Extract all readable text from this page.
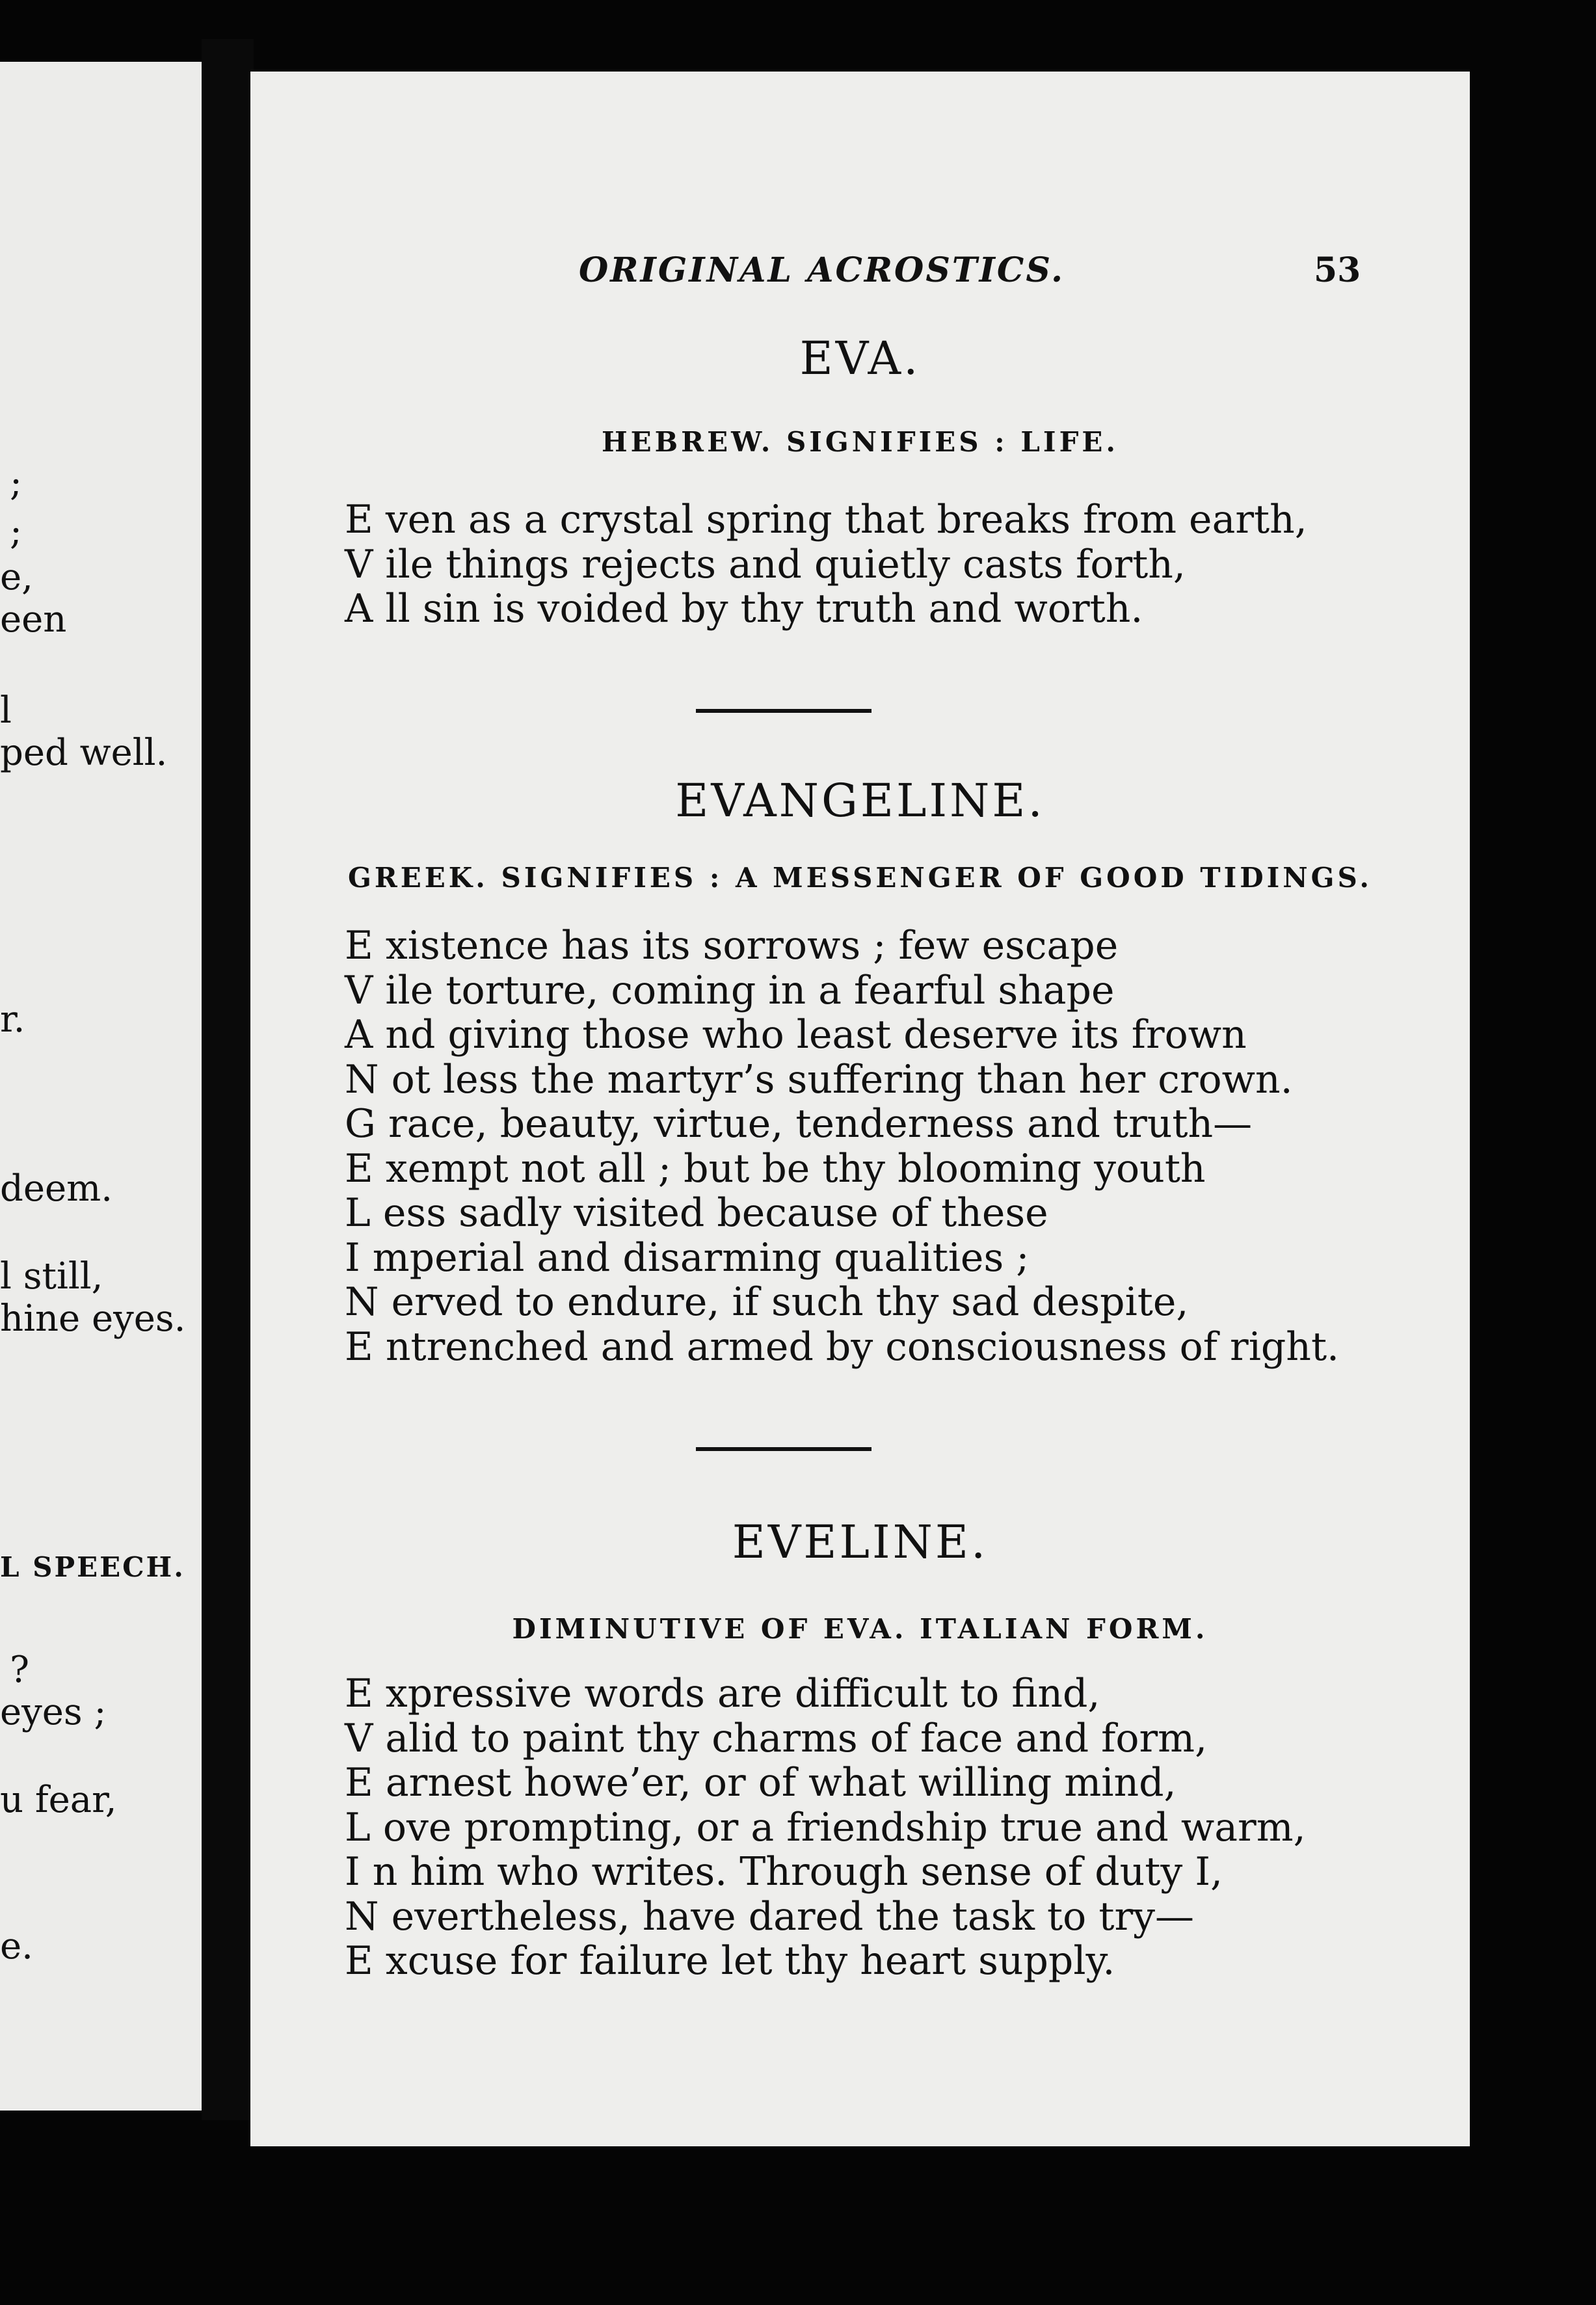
;
;
e,
een
l
ped well.
r.
deem.
l still,
hine eyes.
L SPEECH.
?
eyes ;
u fear,
e.
ORIGINAL ACROSTICS.	53
EVA.
HEBREW. SIGNIFIES : LIFE.
E ven as a crystal spring that breaks from earth,
V ile things rejects and quietly casts forth,
A ll sin is voided by thy truth and worth.
EVANGELINE.
GREEK. SIGNIFIES : A MESSENGER OF GOOD TIDINGS.
E xistence has its sorrows ; few escape
V ile torture, coming in a fearful shape
A nd giving those who least deserve its frown
N ot less the martyr’s suffering than her crown.
G race, beauty, virtue, tenderness and truth—
E xempt not all ; but be thy blooming youth
L ess sadly visited because of these
I mperial and disarming qualities ;
N erved to endure, if such thy sad despite,
E ntrenched and armed by consciousness of right.
EVELINE.
DIMINUTIVE OF EVA. ITALIAN FORM.
E xpressive words are difficult to find,
V alid to paint thy charms of face and form,
E arnest howe’er, or of what willing mind,
L ove prompting, or a friendship true and warm,
I n him who writes. Through sense of duty I,
N evertheless, have dared the task to try—
E xcuse for failure let thy heart supply.
